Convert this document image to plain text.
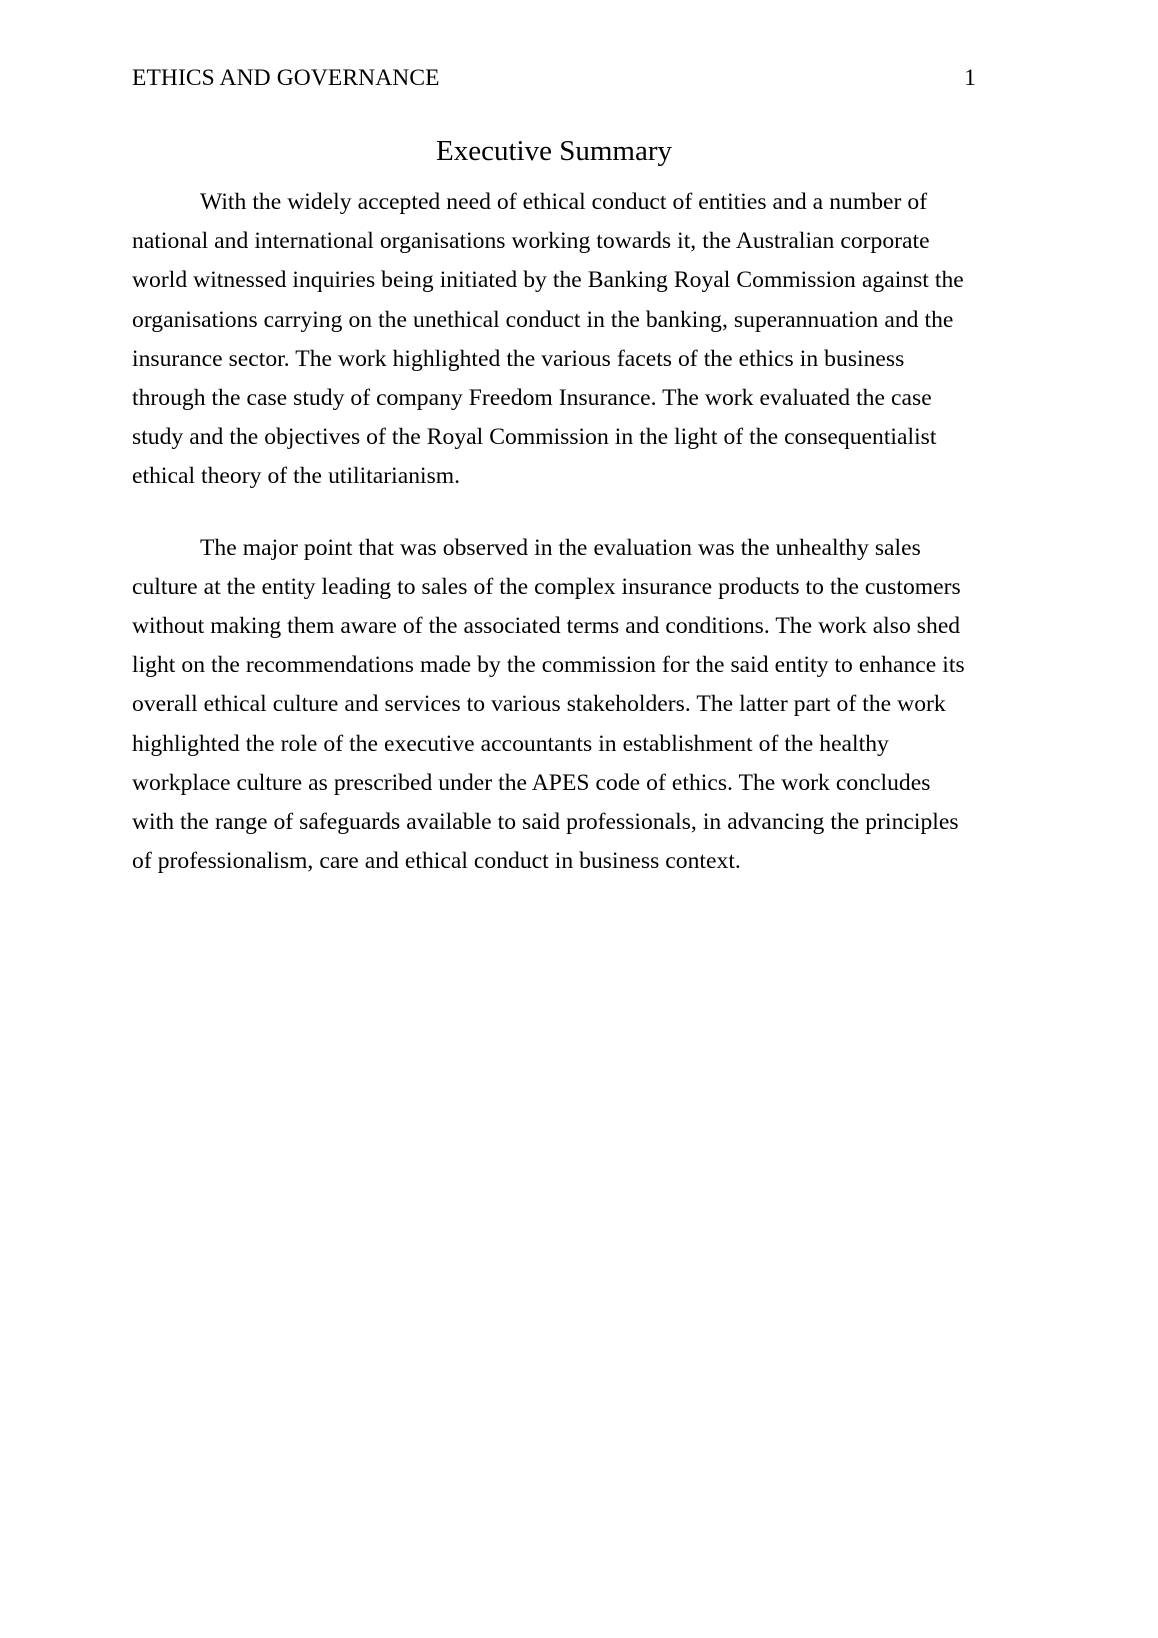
ETHICS AND GOVERNANCE	1
Executive Summary

With the widely accepted need of ethical conduct of entities and a number of national and international organisations working towards it, the Australian corporate world witnessed inquiries being initiated by the Banking Royal Commission against the organisations carrying on the unethical conduct in the banking, superannuation and the insurance sector. The work highlighted the various facets of the ethics in business through the case study of company Freedom Insurance. The work evaluated the case study and the objectives of the Royal Commission in the light of the consequentialist ethical theory of the utilitarianism.

The major point that was observed in the evaluation was the unhealthy sales culture at the entity leading to sales of the complex insurance products to the customers without making them aware of the associated terms and conditions. The work also shed light on the recommendations made by the commission for the said entity to enhance its overall ethical culture and services to various stakeholders. The latter part of the work highlighted the role of the executive accountants in establishment of the healthy workplace culture as prescribed under the APES code of ethics. The work concludes with the range of safeguards available to said professionals, in advancing the principles of professionalism, care and ethical conduct in business context.
